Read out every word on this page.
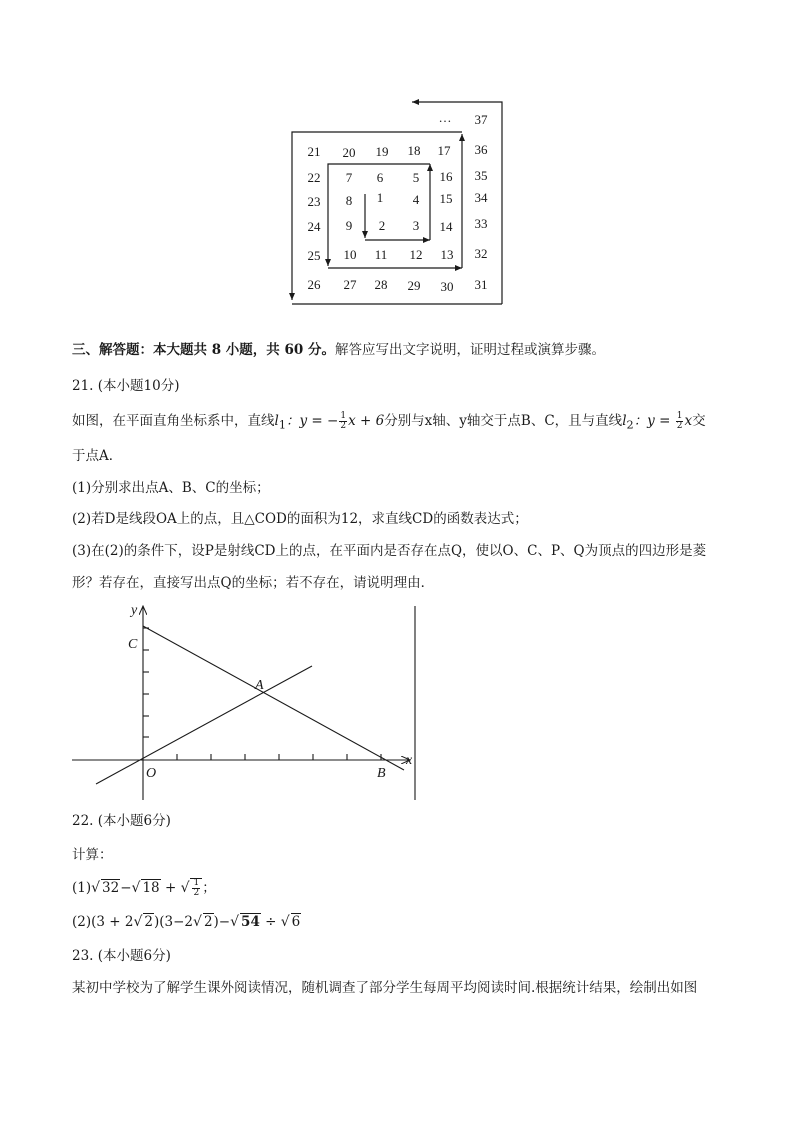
1
2 3
4
5
6
7
8
9
10 11 12 13
14
15
16
17
18
19
20
21
22
23
24
25
26 27 28 29 30 31
32
33
34
35
36
37
…
三、解答题：本大题共 8 小题，共 60 分。解答应写出文字说明，证明过程或演算步骤。
21. (本小题10分)
如图，在平面直角坐标系中，直线$l_1$：y = − $\frac{1}{2}$ x + 6分别与x轴、y轴交于点B、C，且与直线$l_2$：$y = \frac{1}{2}$ x交
于点A．
(1)分别求出点A、B、C的坐标；
(2)若D是线段OA上的点，且△COD的面积为12，求直线CD的函数表达式；
(3)在(2)的条件下，设P是射线CD上的点，在平面内是否存在点Q，使以O、C、P、Q为顶点的四边形是菱
形？若存在，直接写出点Q的坐标；若不存在，请说明理由．
y
x
C
A
O	B
22. (本小题6分)
计算：
(1)√ 32−√ 18 + √ $\frac{1}{2}$ ；
(2)(3 + 2√ 2)(3−2√ 2)−√ 54 ÷ √ 6
23. (本小题6分)
某初中学校为了解学生课外阅读情况，随机调查了部分学生每周平均阅读时间.根据统计结果，绘制出如图
